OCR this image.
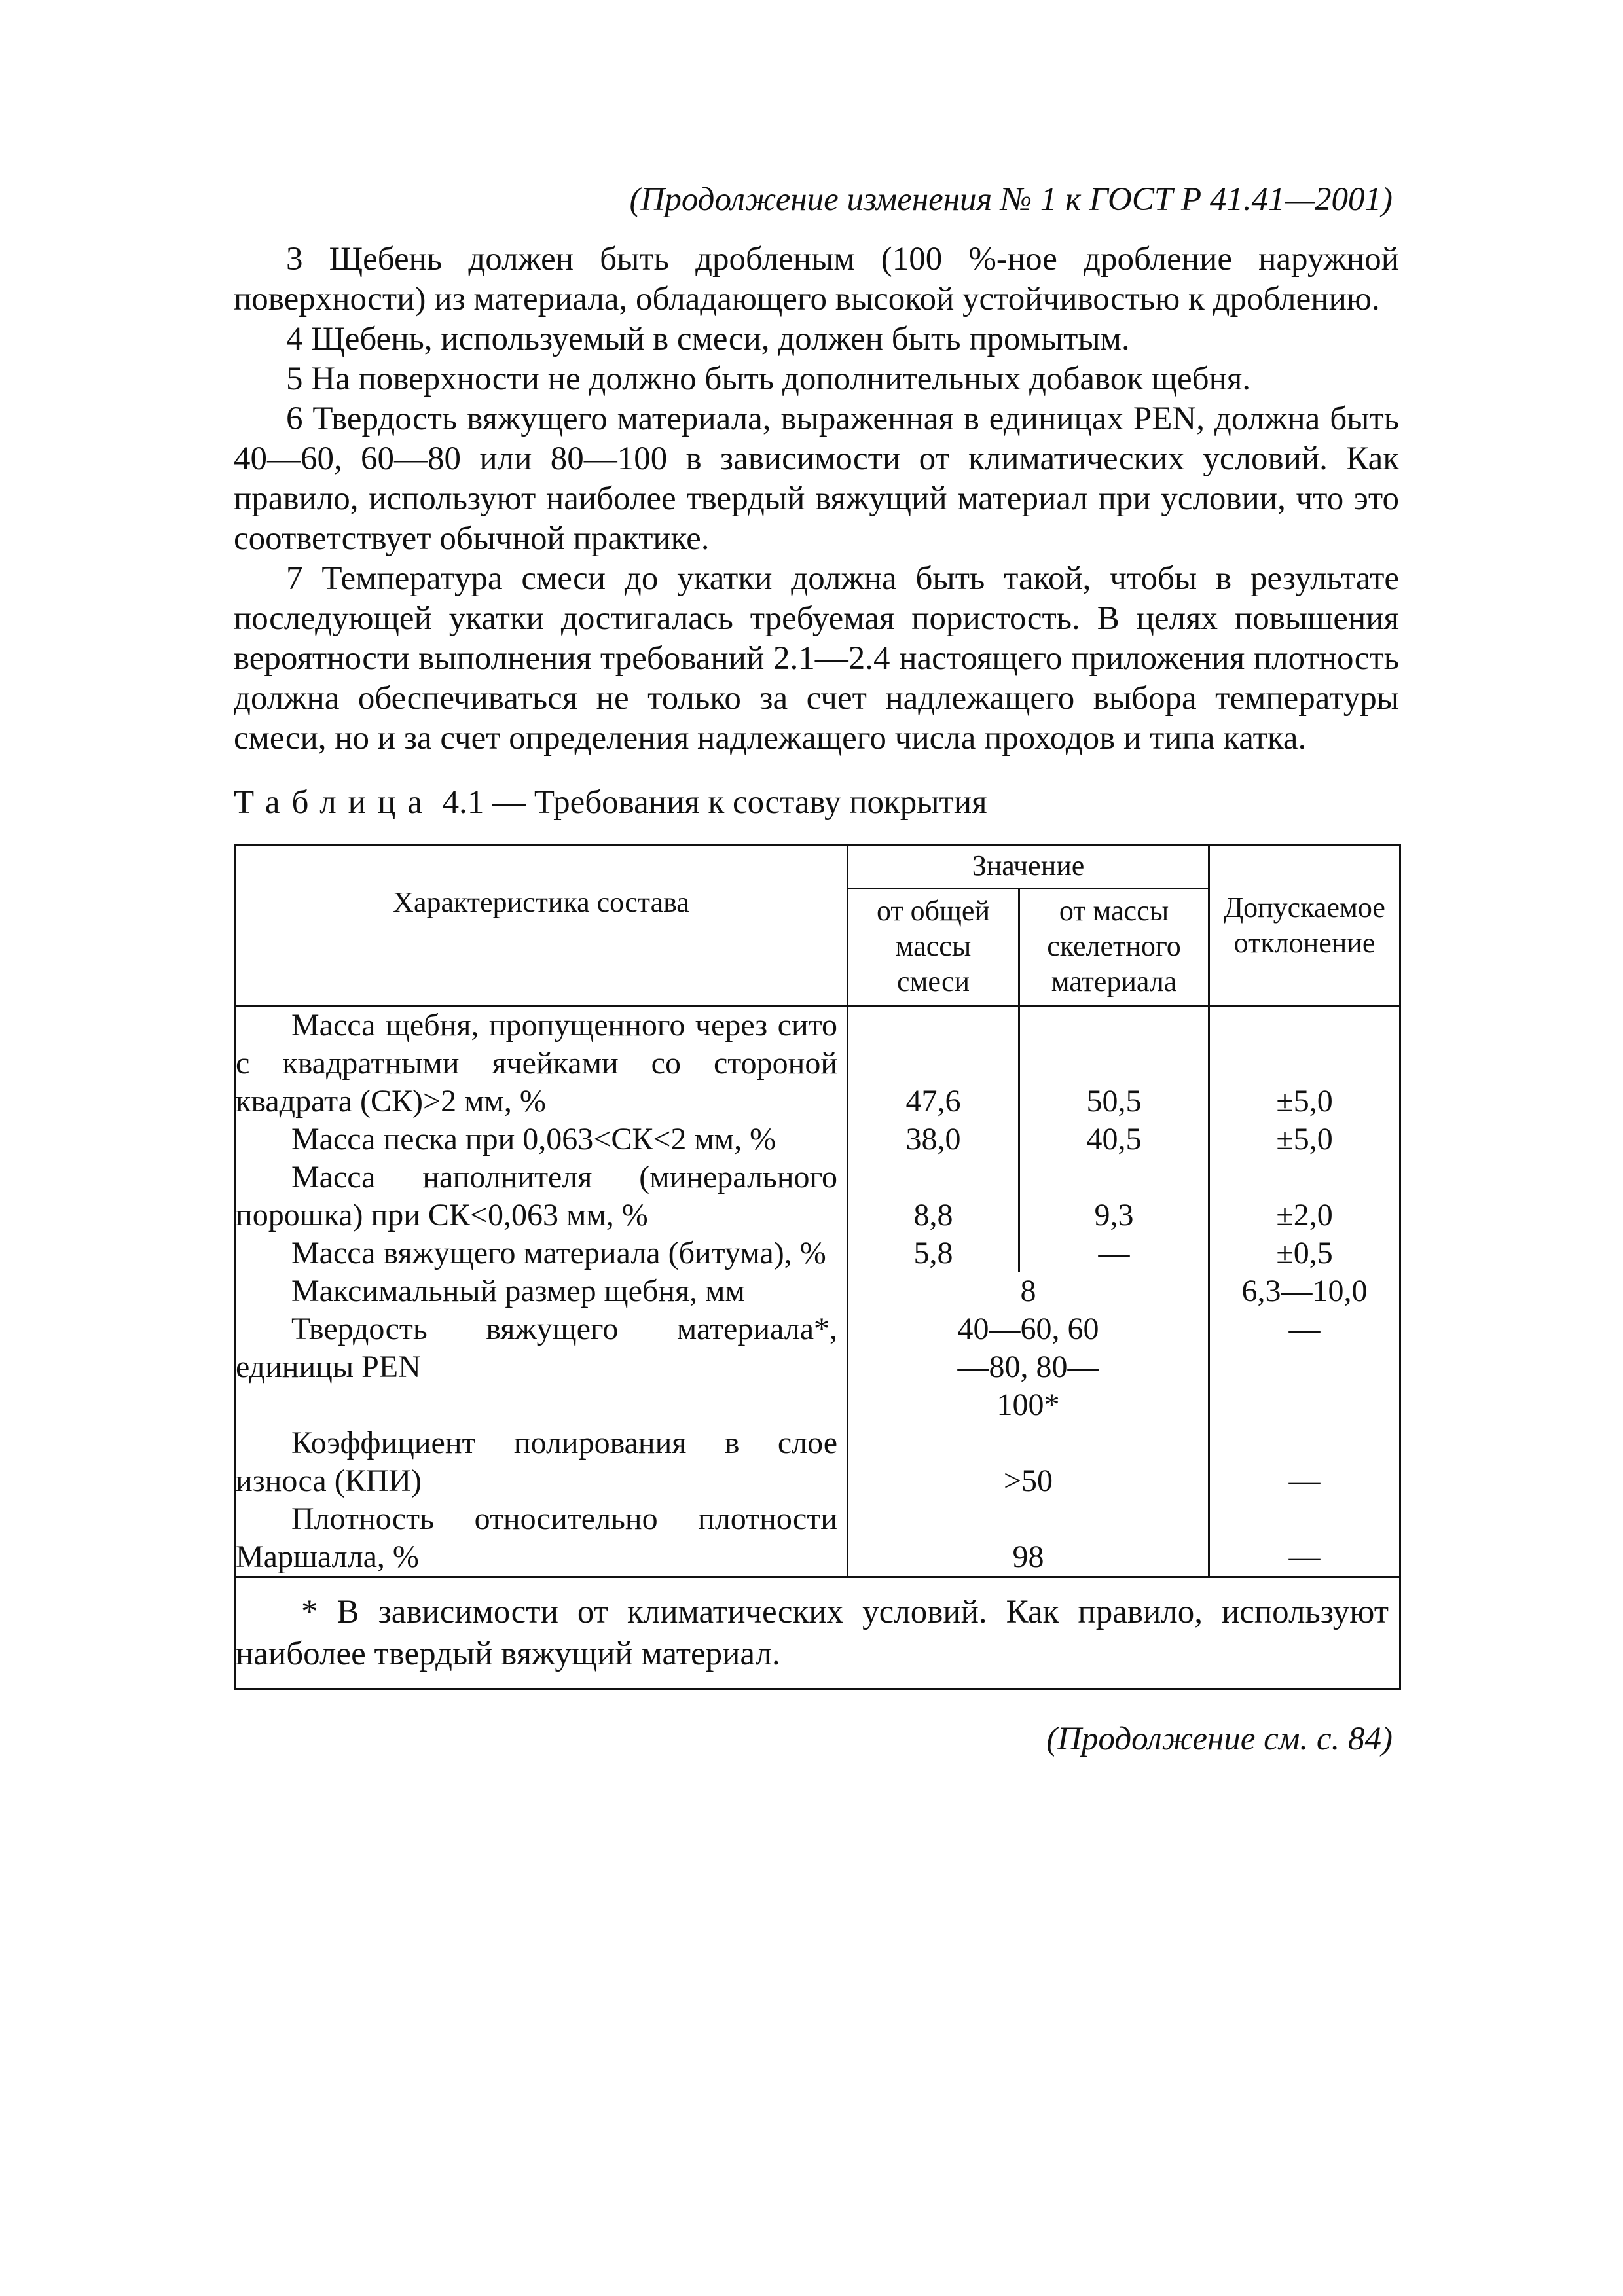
(Продолжение изменения № 1 к ГОСТ Р 41.41—2001)

3 Щебень должен быть дробленым (100 %-ное дробление наружной поверхности) из материала, обладающего высокой устойчивостью к дроблению.

4 Щебень, используемый в смеси, должен быть промытым.

5 На поверхности не должно быть дополнительных добавок щебня.

6 Твердость вяжущего материала, выраженная в единицах PEN, должна быть 40—60, 60—80 или 80—100 в зависимости от климатических условий. Как правило, используют наиболее твердый вяжущий материал при условии, что это соответствует обычной практике.

7 Температура смеси до укатки должна быть такой, чтобы в результате последующей укатки достигалась требуемая пористость. В целях повышения вероятности выполнения требований 2.1—2.4 настоящего приложения плотность должна обеспечиваться не только за счет надлежащего выбора температуры смеси, но и за счет определения надлежащего числа проходов и типа катка.

Таблица 4.1 — Требования к составу покрытия
Характеристика состава	Значение		Допускаемое отклонение
	от общей массы смеси	от массы скелетного материала	
Масса щебня, пропущенного через сито с квадратными ячейками со стороной квадрата (СК)>2 мм, %	47,6	50,5	±5,0
Масса песка при 0,063<СК<2 мм, %	38,0	40,5	±5,0
Масса наполнителя (минерального порошка) при СК<0,063 мм, %	8,8	9,3	±2,0
Масса вяжущего материала (битума), %	5,8	—	±0,5
Максимальный размер щебня, мм	8		6,3—10,0
Твердость вяжущего материала*, единицы PEN	40—60, 60—80, 80—100*		—
Коэффициент полирования в слое износа (КПИ)	>50		—
Плотность относительно плотности Маршалла, %	98		—
* В зависимости от климатических условий. Как правило, используют наиболее твердый вяжущий материал.			
(Продолжение см. с. 84)
